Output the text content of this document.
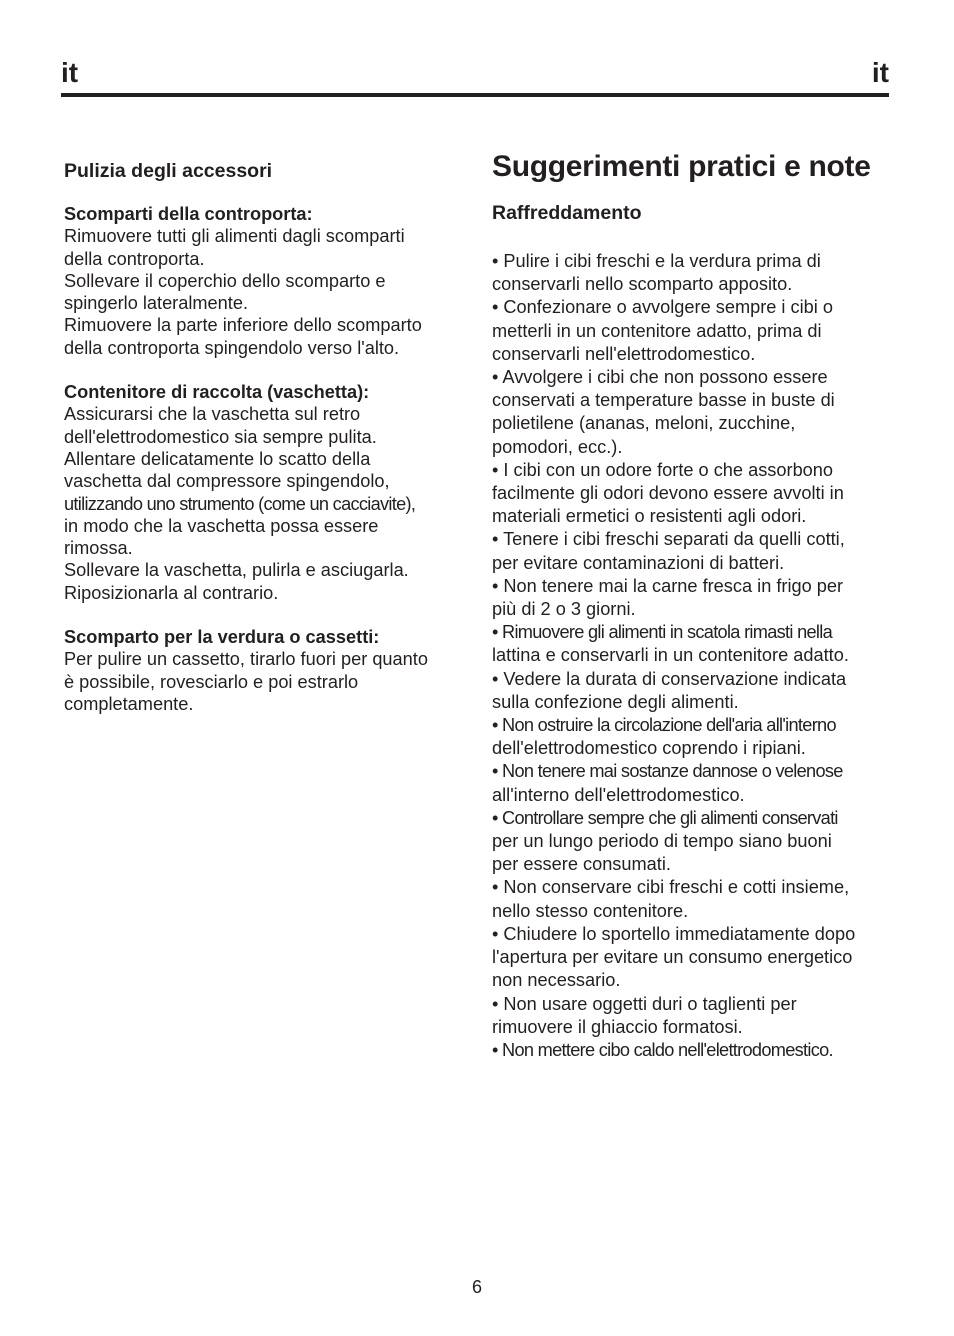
it	it

Pulizia degli accessori

Scomparti della controporta:

Rimuovere tutti gli alimenti dagli scomparti

della controporta.

Sollevare il coperchio dello scomparto e

spingerlo lateralmente.

Rimuovere la parte inferiore dello scomparto

della controporta spingendolo verso l'alto.

Contenitore di raccolta (vaschetta):

Assicurarsi che la vaschetta sul retro

dell'elettrodomestico sia sempre pulita.

Allentare delicatamente lo scatto della

vaschetta dal compressore spingendolo,

utilizzando uno strumento (come un cacciavite),

in modo che la vaschetta possa essere

rimossa.

Sollevare la vaschetta, pulirla e asciugarla.

Riposizionarla al contrario.

Scomparto per la verdura o cassetti:

Per pulire un cassetto, tirarlo fuori per quanto

è possibile, rovesciarlo e poi estrarlo

completamente.

Suggerimenti pratici e note

Raffreddamento

• Pulire i cibi freschi e la verdura prima di
conservarli nello scomparto apposito.
• Confezionare o avvolgere sempre i cibi o
metterli in un contenitore adatto, prima di
conservarli nell'elettrodomestico.
• Avvolgere i cibi che non possono essere
conservati a temperature basse in buste di
polietilene (ananas, meloni, zucchine,
pomodori, ecc.).
• I cibi con un odore forte o che assorbono
facilmente gli odori devono essere avvolti in
materiali ermetici o resistenti agli odori.
• Tenere i cibi freschi separati da quelli cotti,
per evitare contaminazioni di batteri.
• Non tenere mai la carne fresca in frigo per
più di 2 o 3 giorni.
• Rimuovere gli alimenti in scatola rimasti nella
lattina e conservarli in un contenitore adatto.
• Vedere la durata di conservazione indicata
sulla confezione degli alimenti.
• Non ostruire la circolazione dell'aria all'interno
dell'elettrodomestico coprendo i ripiani.
• Non tenere mai sostanze dannose o velenose
all'interno dell'elettrodomestico.
• Controllare sempre che gli alimenti conservati
per un lungo periodo di tempo siano buoni
per essere consumati.
• Non conservare cibi freschi e cotti insieme,
nello stesso contenitore.
• Chiudere lo sportello immediatamente dopo
l'apertura per evitare un consumo energetico
non necessario.
• Non usare oggetti duri o taglienti per
rimuovere il ghiaccio formatosi.
• Non mettere cibo caldo nell'elettrodomestico.
6
